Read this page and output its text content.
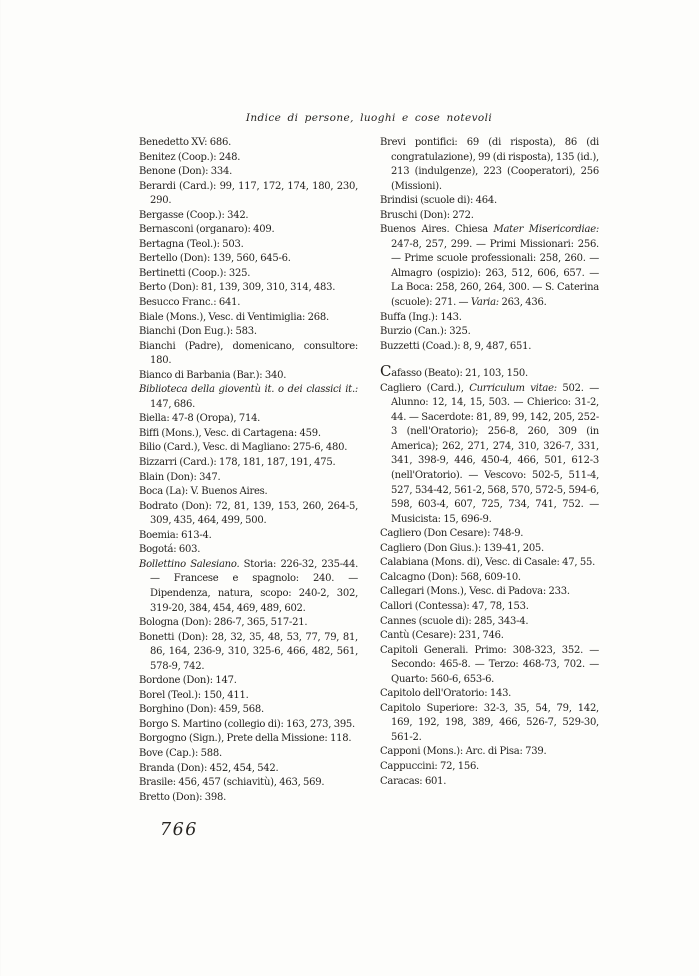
Indice di persone, luoghi e cose notevoli

Benedetto XV: 686.

Benitez (Coop.): 248.

Benone (Don): 334.

Berardi (Card.): 99, 117, 172, 174, 180, 230, 290.

Bergasse (Coop.): 342.

Bernasconi (organaro): 409.

Bertagna (Teol.): 503.

Bertello (Don): 139, 560, 645-6.

Bertinetti (Coop.): 325.

Berto (Don): 81, 139, 309, 310, 314, 483.

Besucco Franc.: 641.

Biale (Mons.), Vesc. di Ventimiglia: 268.

Bianchi (Don Eug.): 583.

Bianchi (Padre), domenicano, consultore: 180.

Bianco di Barbania (Bar.): 340.

Biblioteca della gioventù it. o dei classici it.: 147, 686.

Biella: 47-8 (Oropa), 714.

Biffi (Mons.), Vesc. di Cartagena: 459.

Bilio (Card.), Vesc. di Magliano: 275-6, 480.

Bizzarri (Card.): 178, 181, 187, 191, 475.

Blain (Don): 347.

Boca (La): V. Buenos Aires.

Bodrato (Don): 72, 81, 139, 153, 260, 264-5, 309, 435, 464, 499, 500.

Boemia: 613-4.

Bogotá: 603.

Bollettino Salesiano. Storia: 226-32, 235-44. — Francese e spagnolo: 240. — Dipendenza, natura, scopo: 240-2, 302, 319-20, 384, 454, 469, 489, 602.

Bologna (Don): 286-7, 365, 517-21.

Bonetti (Don): 28, 32, 35, 48, 53, 77, 79, 81, 86, 164, 236-9, 310, 325-6, 466, 482, 561, 578-9, 742.

Bordone (Don): 147.

Borel (Teol.): 150, 411.

Borghino (Don): 459, 568.

Borgo S. Martino (collegio di): 163, 273, 395.

Borgogno (Sign.), Prete della Missione: 118.

Bove (Cap.): 588.

Branda (Don): 452, 454, 542.

Brasile: 456, 457 (schiavitù), 463, 569.

Bretto (Don): 398.

Brevi pontifici: 69 (di risposta), 86 (di congratulazione), 99 (di risposta), 135 (id.), 213 (indulgenze), 223 (Cooperatori), 256 (Missioni).

Brindisi (scuole di): 464.

Bruschi (Don): 272.

Buenos Aires. Chiesa Mater Misericordiae: 247-8, 257, 299. — Primi Missionari: 256. — Prime scuole professionali: 258, 260. — Almagro (ospizio): 263, 512, 606, 657. — La Boca: 258, 260, 264, 300. — S. Caterina (scuole): 271. — Varia: 263, 436.

Buffa (Ing.): 143.

Burzio (Can.): 325.

Buzzetti (Coad.): 8, 9, 487, 651.

Cafasso (Beato): 21, 103, 150.

Cagliero (Card.), Curriculum vitae: 502. — Alunno: 12, 14, 15, 503. — Chierico: 31-2, 44. — Sacerdote: 81, 89, 99, 142, 205, 252-3 (nell'Oratorio); 256-8, 260, 309 (in America); 262, 271, 274, 310, 326-7, 331, 341, 398-9, 446, 450-4, 466, 501, 612-3 (nell'Oratorio). — Vescovo: 502-5, 511-4, 527, 534-42, 561-2, 568, 570, 572-5, 594-6, 598, 603-4, 607, 725, 734, 741, 752. — Musicista: 15, 696-9.

Cagliero (Don Cesare): 748-9.

Cagliero (Don Gius.): 139-41, 205.

Calabiana (Mons. di), Vesc. di Casale: 47, 55.

Calcagno (Don): 568, 609-10.

Callegari (Mons.), Vesc. di Padova: 233.

Callori (Contessa): 47, 78, 153.

Cannes (scuole di): 285, 343-4.

Cantù (Cesare): 231, 746.

Capitoli Generali. Primo: 308-323, 352. — Secondo: 465-8. — Terzo: 468-73, 702. — Quarto: 560-6, 653-6.

Capitolo dell'Oratorio: 143.

Capitolo Superiore: 32-3, 35, 54, 79, 142, 169, 192, 198, 389, 466, 526-7, 529-30, 561-2.

Capponi (Mons.): Arc. di Pisa: 739.

Cappuccini: 72, 156.

Caracas: 601.

766
